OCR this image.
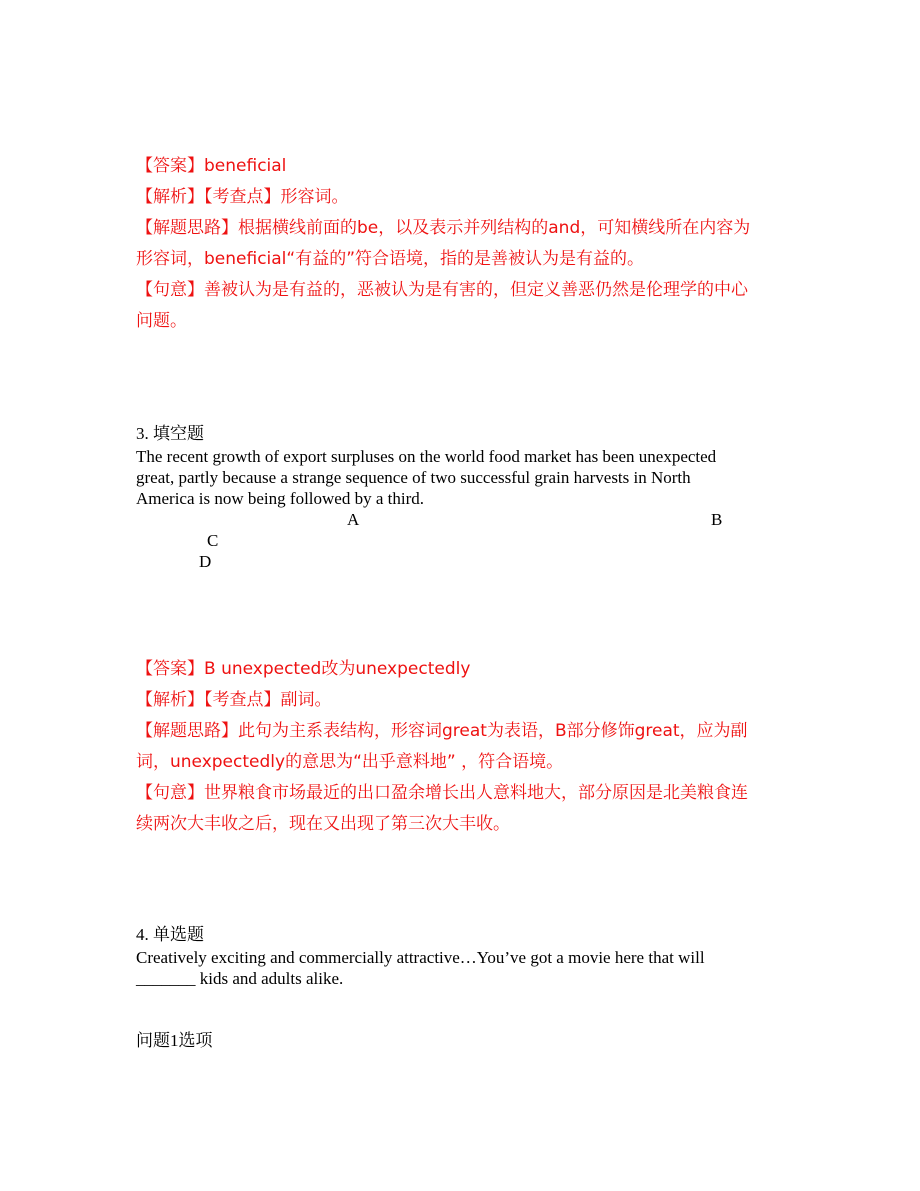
【答案】beneficial

【解析】【考查点】形容词。

【解题思路】根据横线前面的be，以及表示并列结构的and，可知横线所在内容为

形容词，beneficial“有益的”符合语境，指的是善被认为是有益的。

【句意】善被认为是有益的，恶被认为是有害的，但定义善恶仍然是伦理学的中心

问题。

3. 填空题

The recent growth of export surpluses on the world food market has been unexpected

great, partly because a strange sequence of two successful grain harvests in North

America is now being followed by a third.

A	B
C
D

【答案】B unexpected改为unexpectedly

【解析】【考查点】副词。

【解题思路】此句为主系表结构，形容词great为表语，B部分修饰great，应为副

词，unexpectedly的意思为“出乎意料地” ，符合语境。

【句意】世界粮食市场最近的出口盈余增长出人意料地大，部分原因是北美粮食连

续两次大丰收之后，现在又出现了第三次大丰收。

4. 单选题

Creatively exciting and commercially attractive…You’ve got a movie here that will

_______ kids and adults alike.

问题1选项
